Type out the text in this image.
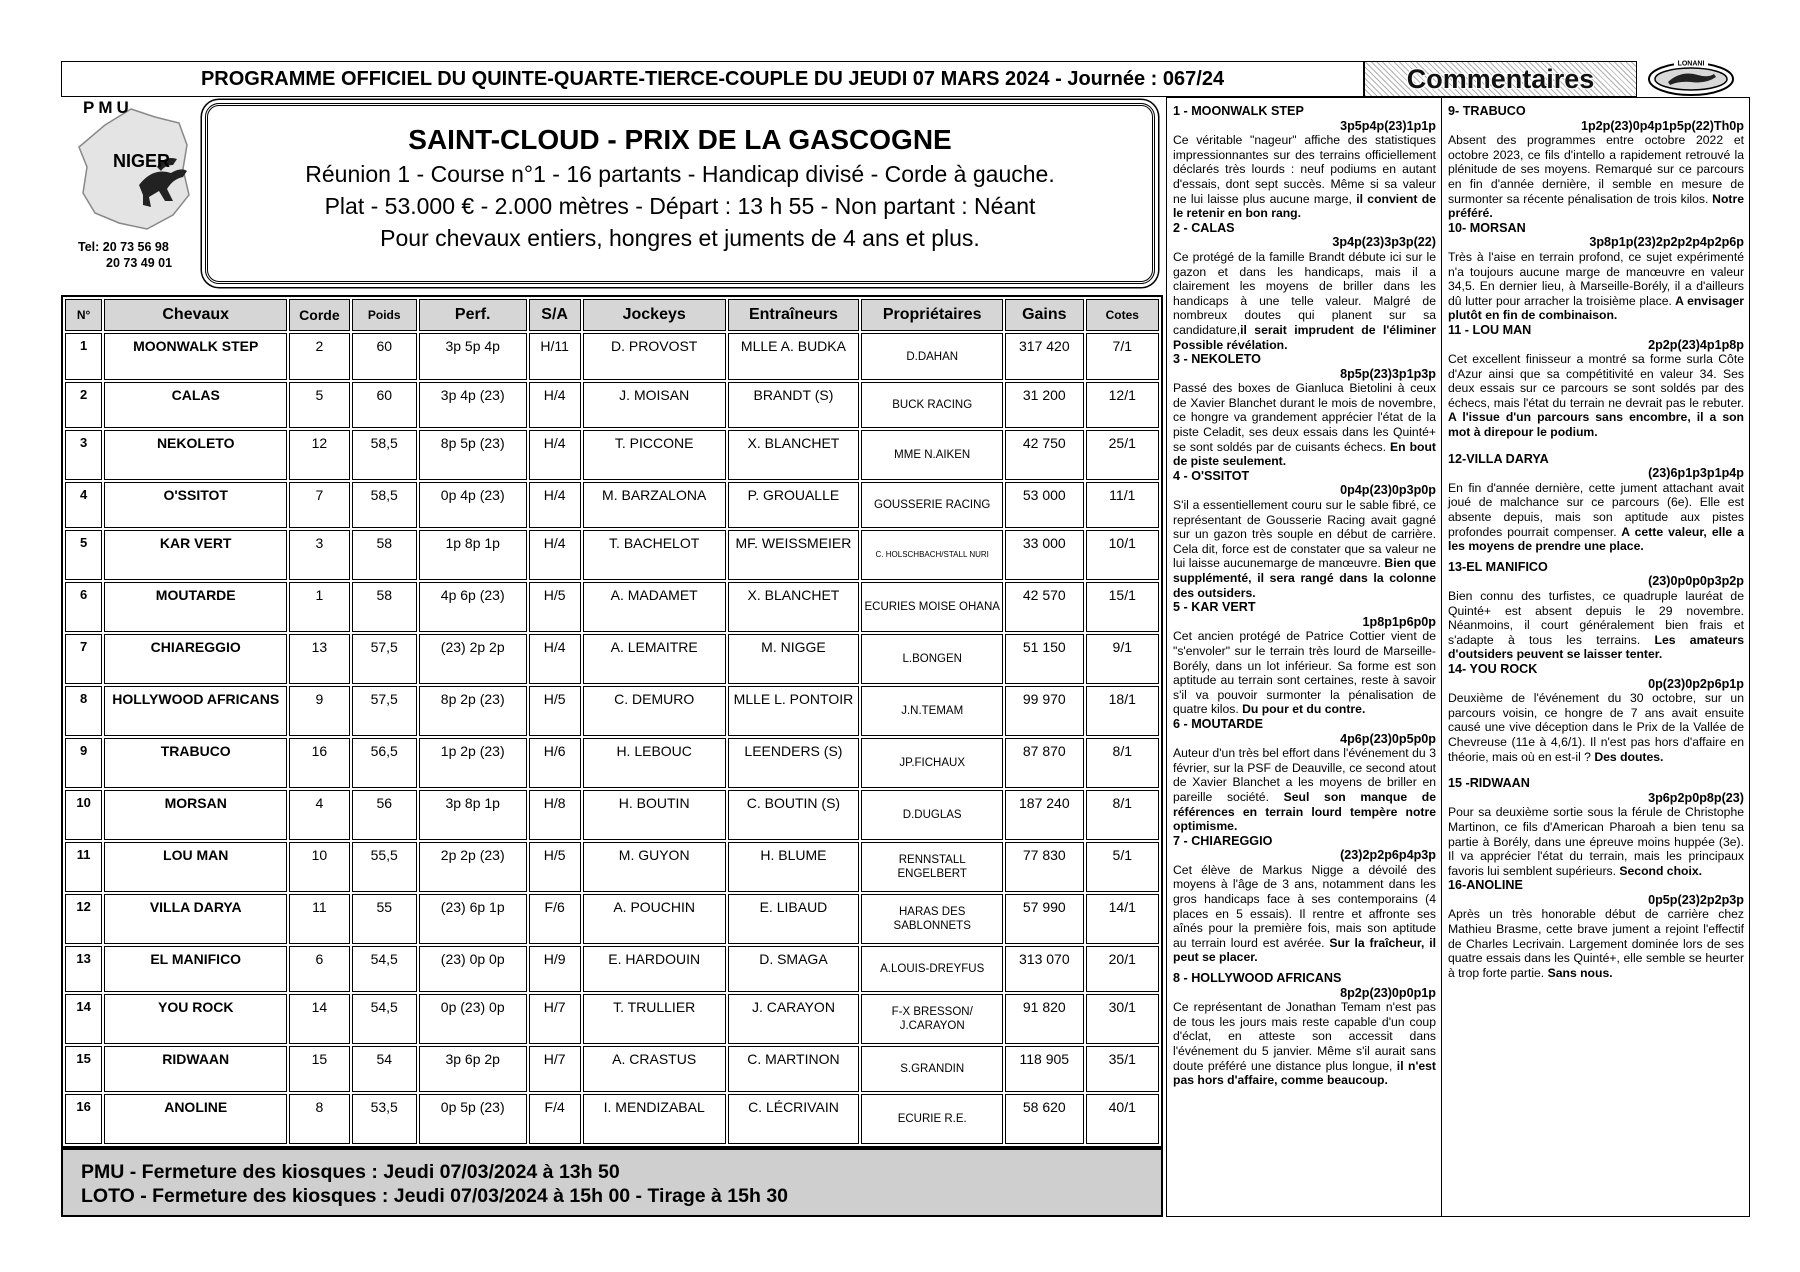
PROGRAMME OFFICIEL DU QUINTE-QUARTE-TIERCE-COUPLE DU JEUDI 07 MARS 2024 - Journée : 067/24	Commentaires	LONANI
PMU
NIGER
Tel: 20 73 56 98
20 73 49 01
SAINT-CLOUD - PRIX DE LA GASCOGNE
Réunion 1 - Course n°1 - 16 partants - Handicap divisé - Corde à gauche.
Plat - 53.000 € - 2.000 mètres - Départ : 13 h 55 - Non partant : Néant
Pour chevaux entiers, hongres et juments de 4 ans et plus.
N°	Chevaux	Corde	Poids	Perf.	S/A	Jockeys	Entraîneurs	Propriétaires	Gains	Cotes
1	MOONWALK STEP	2	60	3p 5p 4p	H/11	D. PROVOST	MLLE A. BUDKA	D.DAHAN	317 420	7/1
2	CALAS	5	60	3p 4p (23)	H/4	J. MOISAN	BRANDT (S)	BUCK RACING	31 200	12/1
3	NEKOLETO	12	58,5	8p 5p (23)	H/4	T. PICCONE	X. BLANCHET	MME N.AIKEN	42 750	25/1
4	O'SSITOT	7	58,5	0p 4p (23)	H/4	M. BARZALONA	P. GROUALLE	GOUSSERIE RACING	53 000	11/1
5	KAR VERT	3	58	1p 8p 1p	H/4	T. BACHELOT	MF. WEISSMEIER	C. HOLSCHBACH/STALL NURI	33 000	10/1
6	MOUTARDE	1	58	4p 6p (23)	H/5	A. MADAMET	X. BLANCHET	ECURIES MOISE OHANA	42 570	15/1
7	CHIAREGGIO	13	57,5	(23) 2p 2p	H/4	A. LEMAITRE	M. NIGGE	L.BONGEN	51 150	9/1
8	HOLLYWOOD AFRICANS	9	57,5	8p 2p (23)	H/5	C. DEMURO	MLLE L. PONTOIR	J.N.TEMAM	99 970	18/1
9	TRABUCO	16	56,5	1p 2p (23)	H/6	H. LEBOUC	LEENDERS (S)	JP.FICHAUX	87 870	8/1
10	MORSAN	4	56	3p 8p 1p	H/8	H. BOUTIN	C. BOUTIN (S)	D.DUGLAS	187 240	8/1
11	LOU MAN	10	55,5	2p 2p (23)	H/5	M. GUYON	H. BLUME	RENNSTALL ENGELBERT	77 830	5/1
12	VILLA DARYA	11	55	(23) 6p 1p	F/6	A. POUCHIN	E. LIBAUD	HARAS DES SABLONNETS	57 990	14/1
13	EL MANIFICO	6	54,5	(23) 0p 0p	H/9	E. HARDOUIN	D. SMAGA	A.LOUIS-DREYFUS	313 070	20/1
14	YOU ROCK	14	54,5	0p (23) 0p	H/7	T. TRULLIER	J. CARAYON	F-X BRESSON/ J.CARAYON	91 820	30/1
15	RIDWAAN	15	54	3p 6p 2p	H/7	A. CRASTUS	C. MARTINON	S.GRANDIN	118 905	35/1
16	ANOLINE	8	53,5	0p 5p (23)	F/4	I. MENDIZABAL	C. LÉCRIVAIN	ECURIE R.E.	58 620	40/1
PMU - Fermeture des kiosques : Jeudi 07/03/2024 à 13h 50
LOTO - Fermeture des kiosques : Jeudi 07/03/2024 à 15h 00 - Tirage à 15h 30
1 - MOONWALK STEP
3p5p4p(23)1p1p
Ce véritable "nageur" affiche des statistiques impressionnantes sur des terrains officiellement déclarés très lourds : neuf podiums en autant d'essais, dont sept succès. Même si sa valeur ne lui laisse plus aucune marge, il convient de le retenir en bon rang.
2 - CALAS
3p4p(23)3p3p(22)
Ce protégé de la famille Brandt débute ici sur le gazon et dans les handicaps, mais il a clairement les moyens de briller dans les handicaps à une telle valeur. Malgré de nombreux doutes qui planent sur sa candidature,il serait imprudent de l'éliminer Possible révélation.
3 - NEKOLETO
8p5p(23)3p1p3p
Passé des boxes de Gianluca Bietolini à ceux de Xavier Blanchet durant le mois de novembre, ce hongre va grandement apprécier l'état de la piste Celadit, ses deux essais dans les Quinté+ se sont soldés par de cuisants échecs. En bout de piste seulement.
4 - O'SSITOT
0p4p(23)0p3p0p
S'il a essentiellement couru sur le sable fibré, ce représentant de Gousserie Racing avait gagné sur un gazon très souple en début de carrière. Cela dit, force est de constater que sa valeur ne lui laisse aucunemarge de manœuvre. Bien que supplémenté, il sera rangé dans la colonne des outsiders.
5 - KAR VERT
1p8p1p6p0p
Cet ancien protégé de Patrice Cottier vient de "s'envoler" sur le terrain très lourd de Marseille-Borély, dans un lot inférieur. Sa forme est son aptitude au terrain sont certaines, reste à savoir s'il va pouvoir surmonter la pénalisation de quatre kilos. Du pour et du contre.
6 - MOUTARDE
4p6p(23)0p5p0p
Auteur d'un très bel effort dans l'événement du 3 février, sur la PSF de Deauville, ce second atout de Xavier Blanchet a les moyens de briller en pareille société. Seul son manque de références en terrain lourd tempère notre optimisme.
7 - CHIAREGGIO
(23)2p2p6p4p3p
Cet élève de Markus Nigge a dévoilé des moyens à l'âge de 3 ans, notamment dans les gros handicaps face à ses contemporains (4 places en 5 essais). Il rentre et affronte ses aînés pour la première fois, mais son aptitude au terrain lourd est avérée. Sur la fraîcheur, il peut se placer.
8 - HOLLYWOOD AFRICANS
8p2p(23)0p0p1p
Ce représentant de Jonathan Temam n'est pas de tous les jours mais reste capable d'un coup d'éclat, en atteste son accessit dans l'événement du 5 janvier. Même s'il aurait sans doute préféré une distance plus longue, il n'est pas hors d'affaire, comme beaucoup.
9- TRABUCO
1p2p(23)0p4p1p5p(22)Th0p
Absent des programmes entre octobre 2022 et octobre 2023, ce fils d'intello a rapidement retrouvé la plénitude de ses moyens. Remarqué sur ce parcours en fin d'année dernière, il semble en mesure de surmonter sa récente pénalisation de trois kilos. Notre préféré.
10- MORSAN
3p8p1p(23)2p2p2p4p2p6p
Très à l'aise en terrain profond, ce sujet expérimenté n'a toujours aucune marge de manœuvre en valeur 34,5. En dernier lieu, à Marseille-Borély, il a d'ailleurs dû lutter pour arracher la troisième place. A envisager plutôt en fin de combinaison.
11 - LOU MAN
2p2p(23)4p1p8p
Cet excellent finisseur a montré sa forme surla Côte d'Azur ainsi que sa compétitivité en valeur 34. Ses deux essais sur ce parcours se sont soldés par des échecs, mais l'état du terrain ne devrait pas le rebuter. A l'issue d'un parcours sans encombre, il a son mot à direpour le podium.
12-VILLA DARYA
(23)6p1p3p1p4p
En fin d'année dernière, cette jument attachant avait joué de malchance sur ce parcours (6e). Elle est absente depuis, mais son aptitude aux pistes profondes pourrait compenser. A cette valeur, elle a les moyens de prendre une place.
13-EL MANIFICO
(23)0p0p0p3p2p
Bien connu des turfistes, ce quadruple lauréat de Quinté+ est absent depuis le 29 novembre. Néanmoins, il court généralement bien frais et s'adapte à tous les terrains. Les amateurs d'outsiders peuvent se laisser tenter.
14- YOU ROCK
0p(23)0p2p6p1p
Deuxième de l'événement du 30 octobre, sur un parcours voisin, ce hongre de 7 ans avait ensuite causé une vive déception dans le Prix de la Vallée de Chevreuse (11e à 4,6/1). Il n'est pas hors d'affaire en théorie, mais où en est-il ? Des doutes.
15 -RIDWAAN
3p6p2p0p8p(23)
Pour sa deuxième sortie sous la férule de Christophe Martinon, ce fils d'American Pharoah a bien tenu sa partie à Borély, dans une épreuve moins huppée (3e). Il va apprécier l'état du terrain, mais les principaux favoris lui semblent supérieurs. Second choix.
16-ANOLINE
0p5p(23)2p2p3p
Après un très honorable début de carrière chez Mathieu Brasme, cette brave jument a rejoint l'effectif de Charles Lecrivain. Largement dominée lors de ses quatre essais dans les Quinté+, elle semble se heurter à trop forte partie. Sans nous.
